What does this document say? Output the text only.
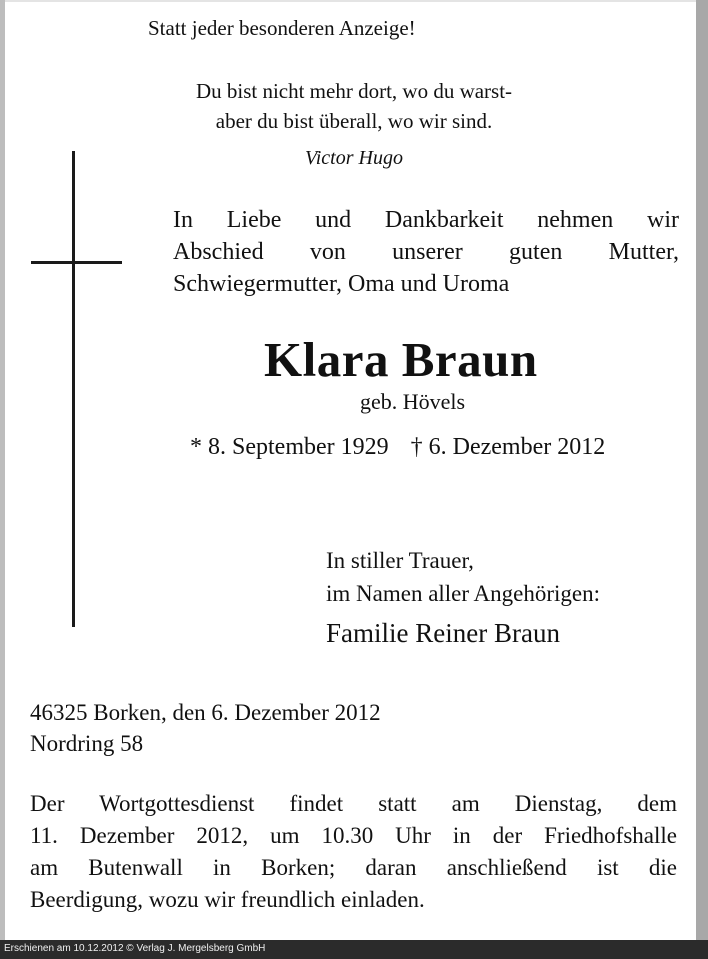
Statt jeder besonderen Anzeige!
Du bist nicht mehr dort, wo du warst-
aber du bist überall, wo wir sind.
Victor Hugo
In Liebe und Dankbarkeit nehmen wir
Abschied von unserer guten Mutter,
Schwiegermutter, Oma und Uroma
Klara Braun
geb. Hövels
* 8. September 1929 † 6. Dezember 2012
In stiller Trauer,
im Namen aller Angehörigen:
Familie Reiner Braun
46325 Borken, den 6. Dezember 2012
Nordring 58
Der Wortgottesdienst findet statt am Dienstag, dem
11. Dezember 2012, um 10.30 Uhr in der Friedhofshalle
am Butenwall in Borken; daran anschließend ist die
Beerdigung, wozu wir freundlich einladen.
Erschienen am 10.12.2012 © Verlag J. Mergelsberg GmbH
